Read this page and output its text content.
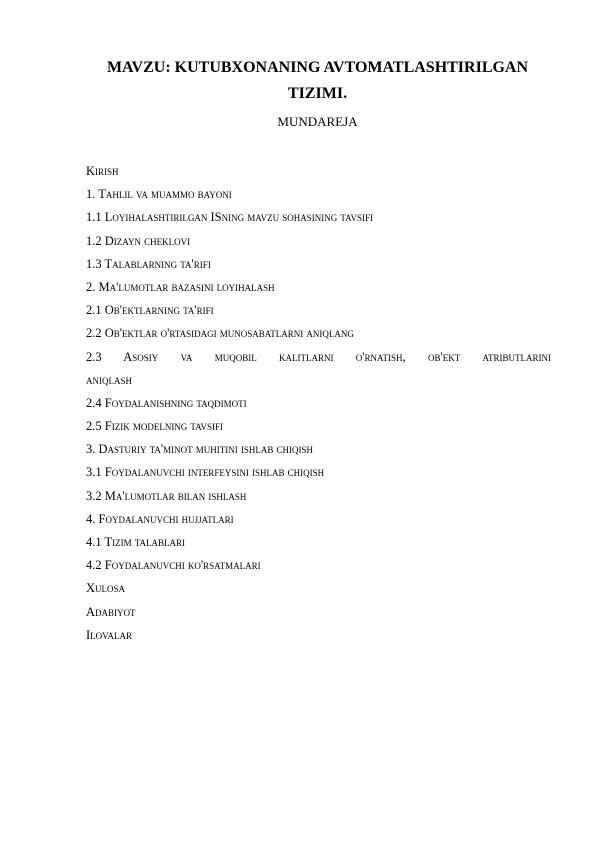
MAVZU: KUTUBXONANING AVTOMATLASHTIRILGAN
TIZIMI.
MUNDAREJA
Kirish
1. Tahlil va muammo bayoni
1.1 Loyihalashtirilgan ISning mavzu sohasining tavsifi
1.2 Dizayn cheklovi
1.3 Talablarning ta'rifi
2. Ma'lumotlar bazasini loyihalash
2.1 Ob'ektlarning ta'rifi
2.2 Ob'ektlar o'rtasidagi munosabatlarni aniqlang
2.3 Asosiy va muqobil kalitlarni o'rnatish, ob'ekt atributlarini
aniqlash
2.4 Foydalanishning taqdimoti
2.5 Fizik modelning tavsifi
3. Dasturiy ta'minot muhitini ishlab chiqish
3.1 Foydalanuvchi interfeysini ishlab chiqish
3.2 Ma'lumotlar bilan ishlash
4. Foydalanuvchi hujjatlari
4.1 Tizim talablari
4.2 Foydalanuvchi ko'rsatmalari
Xulosa
Adabiyot
Ilovalar
